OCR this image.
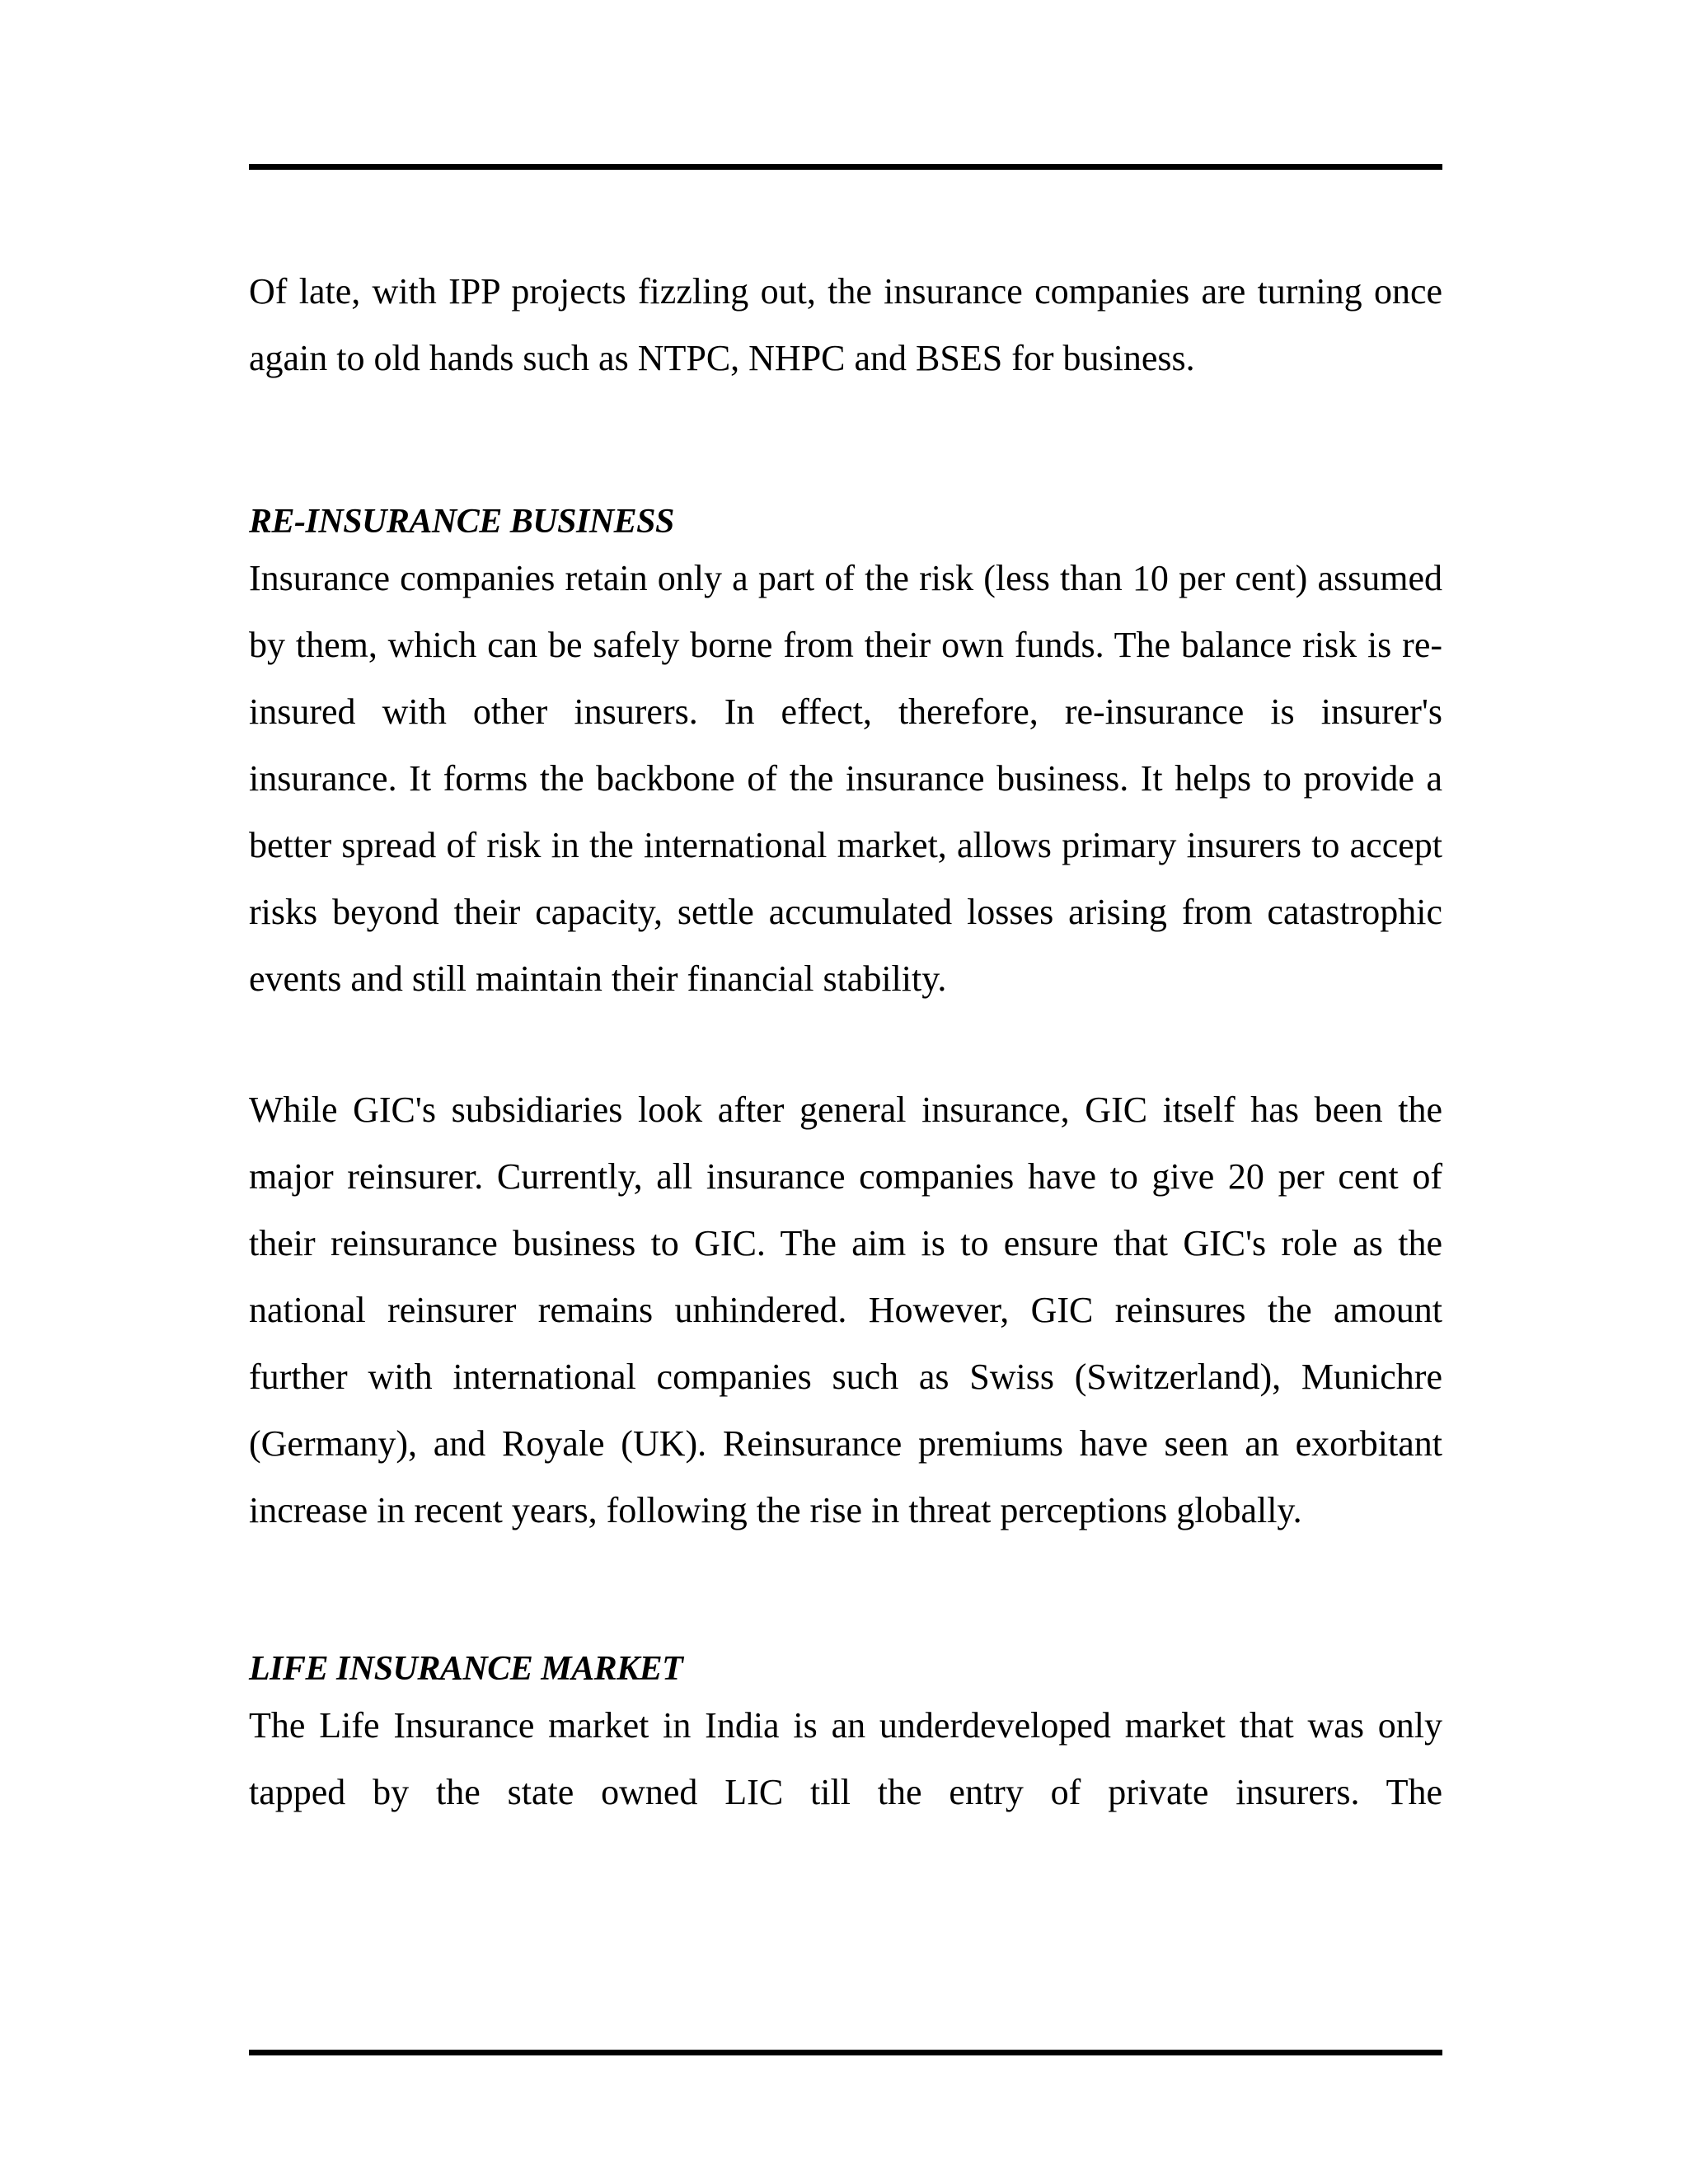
Of late, with IPP projects fizzling out, the insurance companies are turning once again to old hands such as NTPC, NHPC and BSES for business.

RE-INSURANCE BUSINESS

Insurance companies retain only a part of the risk (less than 10 per cent) assumed by them, which can be safely borne from their own funds. The balance risk is re-insured with other insurers. In effect, therefore, re-insurance is insurer's insurance. It forms the backbone of the insurance business. It helps to provide a better spread of risk in the international market, allows primary insurers to accept risks beyond their capacity, settle accumulated losses arising from catastrophic events and still maintain their financial stability.

While GIC's subsidiaries look after general insurance, GIC itself has been the major reinsurer. Currently, all insurance companies have to give 20 per cent of their reinsurance business to GIC. The aim is to ensure that GIC's role as the national reinsurer remains unhindered. However, GIC reinsures the amount further with international companies such as Swiss (Switzerland), Munichre (Germany), and Royale (UK). Reinsurance premiums have seen an exorbitant increase in recent years, following the rise in threat perceptions globally.

LIFE INSURANCE MARKET

The Life Insurance market in India is an underdeveloped market that was only tapped by the state owned LIC till the entry of private insurers. The
